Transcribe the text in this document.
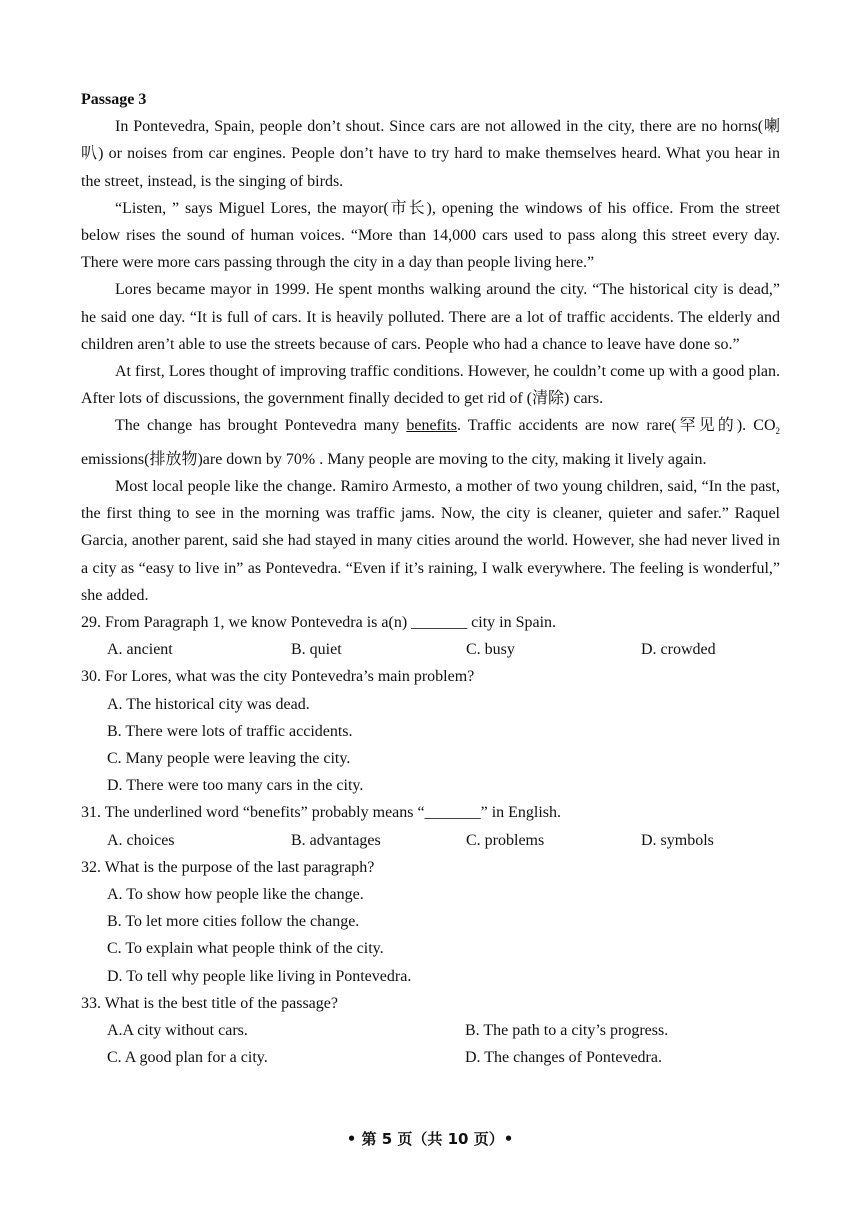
Passage 3

In Pontevedra, Spain, people don’t shout. Since cars are not allowed in the city, there are no horns(喇叭) or noises from car engines. People don’t have to try hard to make themselves heard. What you hear in the street, instead, is the singing of birds.

“Listen, ” says Miguel Lores, the mayor(市长), opening the windows of his office. From the street below rises the sound of human voices. “More than 14,000 cars used to pass along this street every day. There were more cars passing through the city in a day than people living here.”

Lores became mayor in 1999. He spent months walking around the city. “The historical city is dead,” he said one day. “It is full of cars. It is heavily polluted. There are a lot of traffic accidents. The elderly and children aren’t able to use the streets because of cars. People who had a chance to leave have done so.”

At first, Lores thought of improving traffic conditions. However, he couldn’t come up with a good plan. After lots of discussions, the government finally decided to get rid of (清除) cars.

The change has brought Pontevedra many benefits. Traffic accidents are now rare(罕见的). $CO_2$ emissions(排放物)are down by 70% . Many people are moving to the city, making it lively again.

Most local people like the change. Ramiro Armesto, a mother of two young children, said, “In the past, the first thing to see in the morning was traffic jams. Now, the city is cleaner, quieter and safer.” Raquel Garcia, another parent, said she had stayed in many cities around the world. However, she had never lived in a city as “easy to live in” as Pontevedra. “Even if it’s raining, I walk everywhere. The feeling is wonderful,” she added.

29. From Paragraph 1, we know Pontevedra is a(n) _______ city in Spain.

A. ancient	B. quiet	C. busy	D. crowded

30. For Lores, what was the city Pontevedra’s main problem?

A. The historical city was dead.

B. There were lots of traffic accidents.

C. Many people were leaving the city.

D. There were too many cars in the city.

31. The underlined word “benefits” probably means “_______” in English.

A. choices	B. advantages	C. problems	D. symbols

32. What is the purpose of the last paragraph?

A. To show how people like the change.

B. To let more cities follow the change.

C. To explain what people think of the city.

D. To tell why people like living in Pontevedra.

33. What is the best title of the passage?

A.A city without cars.	B. The path to a city’s progress.
C. A good plan for a city.	D. The changes of Pontevedra.
• 第 5 页（共 10 页）•
